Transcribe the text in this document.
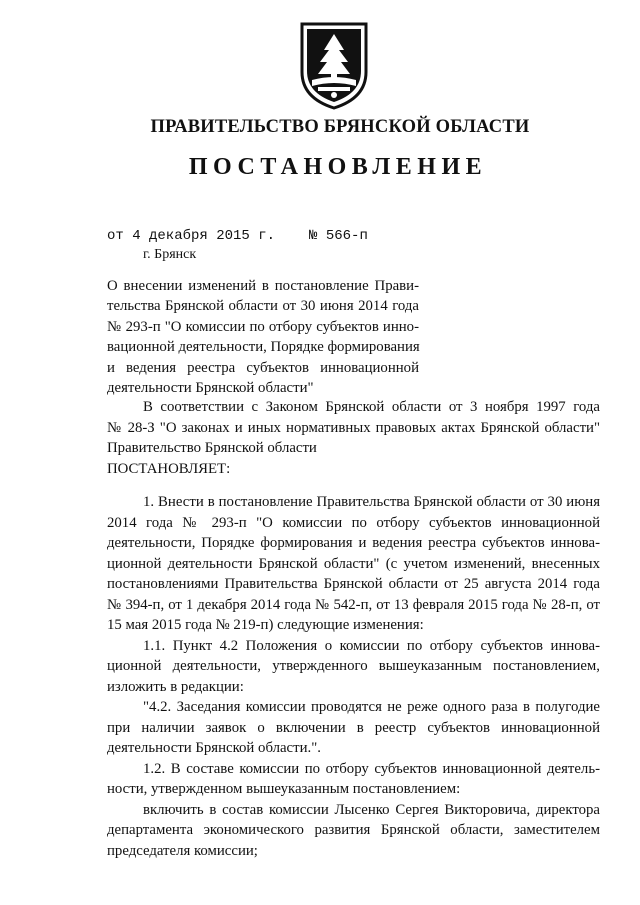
ПРАВИТЕЛЬСТВО БРЯНСКОЙ ОБЛАСТИ
ПОСТАНОВЛЕНИЕ
от 4 декабря 2015 г. № 566-п
г. Брянск
О внесении изменений в постановление Прави-
тельства Брянской области от 30 июня 2014 года
№ 293-п "О комиссии по отбору субъектов инно-
вационной деятельности, Порядке формирования
и ведения реестра субъектов инновационной
деятельности Брянской области"
В соответствии с Законом Брянской области от 3 ноября 1997 года
№ 28-З "О законах и иных нормативных правовых актах Брянской области"
Правительство Брянской области
ПОСТАНОВЛЯЕТ:
1. Внести в постановление Правительства Брянской области от 30 июня
2014 года № 293-п "О комиссии по отбору субъектов инновационной
деятельности, Порядке формирования и ведения реестра субъектов иннова-
ционной деятельности Брянской области" (с учетом изменений, внесенных
постановлениями Правительства Брянской области от 25 августа 2014 года
№ 394-п, от 1 декабря 2014 года № 542-п, от 13 февраля 2015 года № 28-п, от
15 мая 2015 года № 219-п) следующие изменения:
1.1. Пункт 4.2 Положения о комиссии по отбору субъектов иннова-
ционной деятельности, утвержденного вышеуказанным постановлением,
изложить в редакции:
"4.2. Заседания комиссии проводятся не реже одного раза в полугодие
при наличии заявок о включении в реестр субъектов инновационной
деятельности Брянской области.".
1.2. В составе комиссии по отбору субъектов инновационной деятель-
ности, утвержденном вышеуказанным постановлением:
включить в состав комиссии Лысенко Сергея Викторовича, директора
департамента экономического развития Брянской области, заместителем
председателя комиссии;
